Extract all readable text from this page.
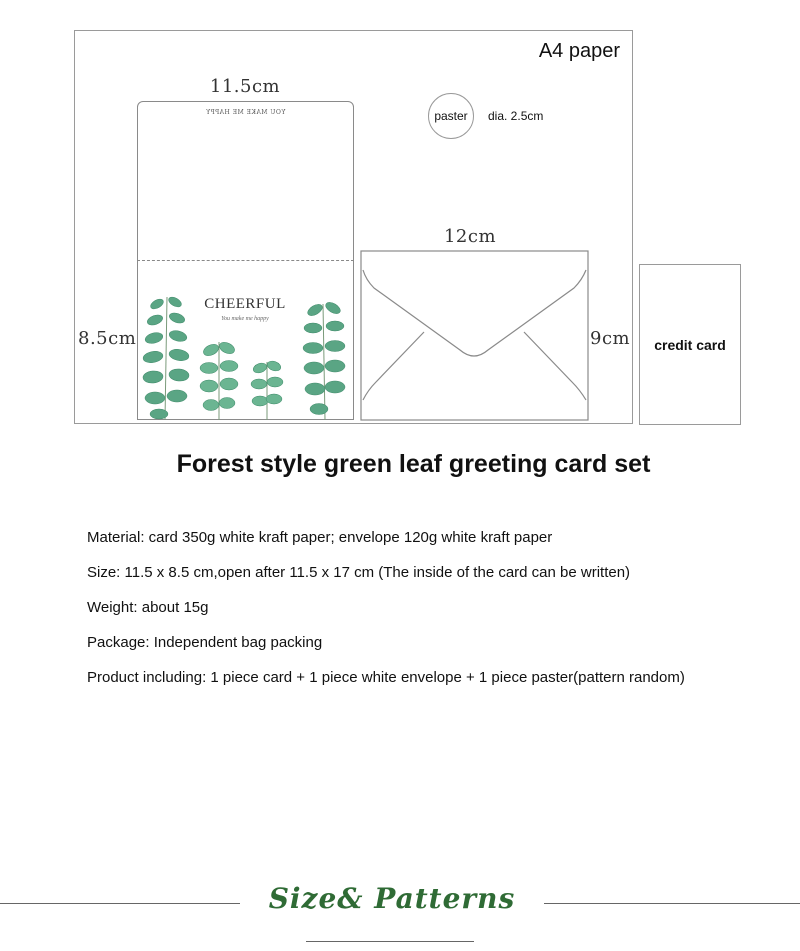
A4 paper
11.5cm
8.5cm
YOU MAKE ME HAPPY
CHEERFUL
You make me happy
paster dia. 2.5cm
12cm
9cm credit card
Forest style green leaf greeting card set
Material: card 350g white kraft paper; envelope 120g white kraft paper
Size: 11.5 x 8.5 cm,open after 11.5 x 17 cm (The inside of the card can be written)
Weight: about 15g
Package: Independent bag packing
Product including: 1 piece card + 1 piece white envelope + 1 piece paster(pattern random)
Size& Patterns
